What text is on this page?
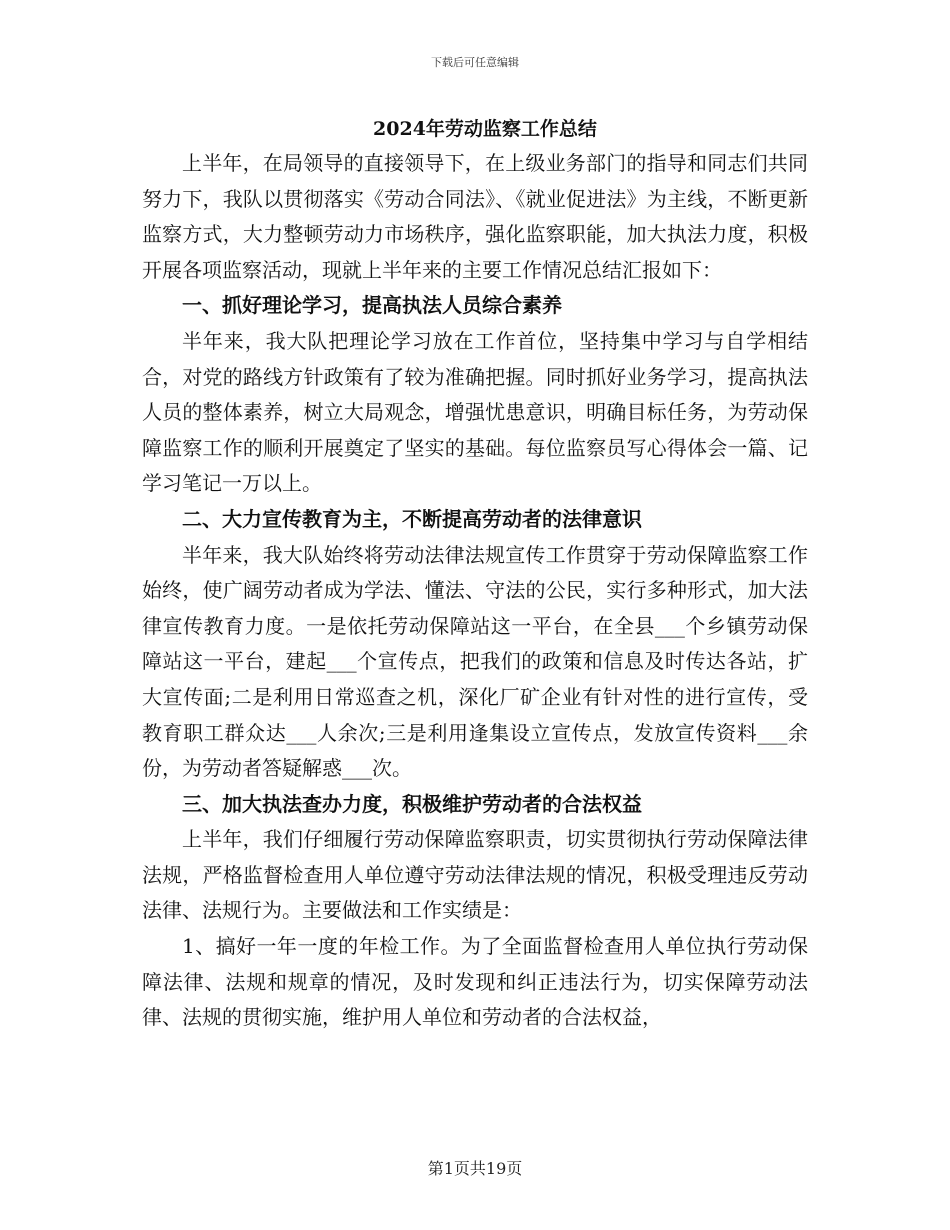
下载后可任意编辑
2024年劳动监察工作总结

上半年，在局领导的直接领导下，在上级业务部门的指导和同志们共同努力下，我队以贯彻落实《劳动合同法》、《就业促进法》为主线，不断更新监察方式，大力整顿劳动力市场秩序，强化监察职能，加大执法力度，积极开展各项监察活动，现就上半年来的主要工作情况总结汇报如下：

一、抓好理论学习，提高执法人员综合素养

半年来，我大队把理论学习放在工作首位，坚持集中学习与自学相结合，对党的路线方针政策有了较为准确把握。同时抓好业务学习，提高执法人员的整体素养，树立大局观念，增强忧患意识，明确目标任务，为劳动保障监察工作的顺利开展奠定了坚实的基础。每位监察员写心得体会一篇、记学习笔记一万以上。

二、大力宣传教育为主，不断提高劳动者的法律意识

半年来，我大队始终将劳动法律法规宣传工作贯穿于劳动保障监察工作始终，使广阔劳动者成为学法、懂法、守法的公民，实行多种形式，加大法律宣传教育力度。一是依托劳动保障站这一平台，在全县___个乡镇劳动保障站这一平台，建起___个宣传点，把我们的政策和信息及时传达各站，扩大宣传面;二是利用日常巡查之机，深化厂矿企业有针对性的进行宣传，受教育职工群众达___人余次;三是利用逢集设立宣传点，发放宣传资料___余份，为劳动者答疑解惑___次。

三、加大执法查办力度，积极维护劳动者的合法权益

上半年，我们仔细履行劳动保障监察职责，切实贯彻执行劳动保障法律法规，严格监督检查用人单位遵守劳动法律法规的情况，积极受理违反劳动法律、法规行为。主要做法和工作实绩是：

1、搞好一年一度的年检工作。为了全面监督检查用人单位执行劳动保障法律、法规和规章的情况，及时发现和纠正违法行为，切实保障劳动法律、法规的贯彻实施，维护用人单位和劳动者的合法权益，

第1页共19页
